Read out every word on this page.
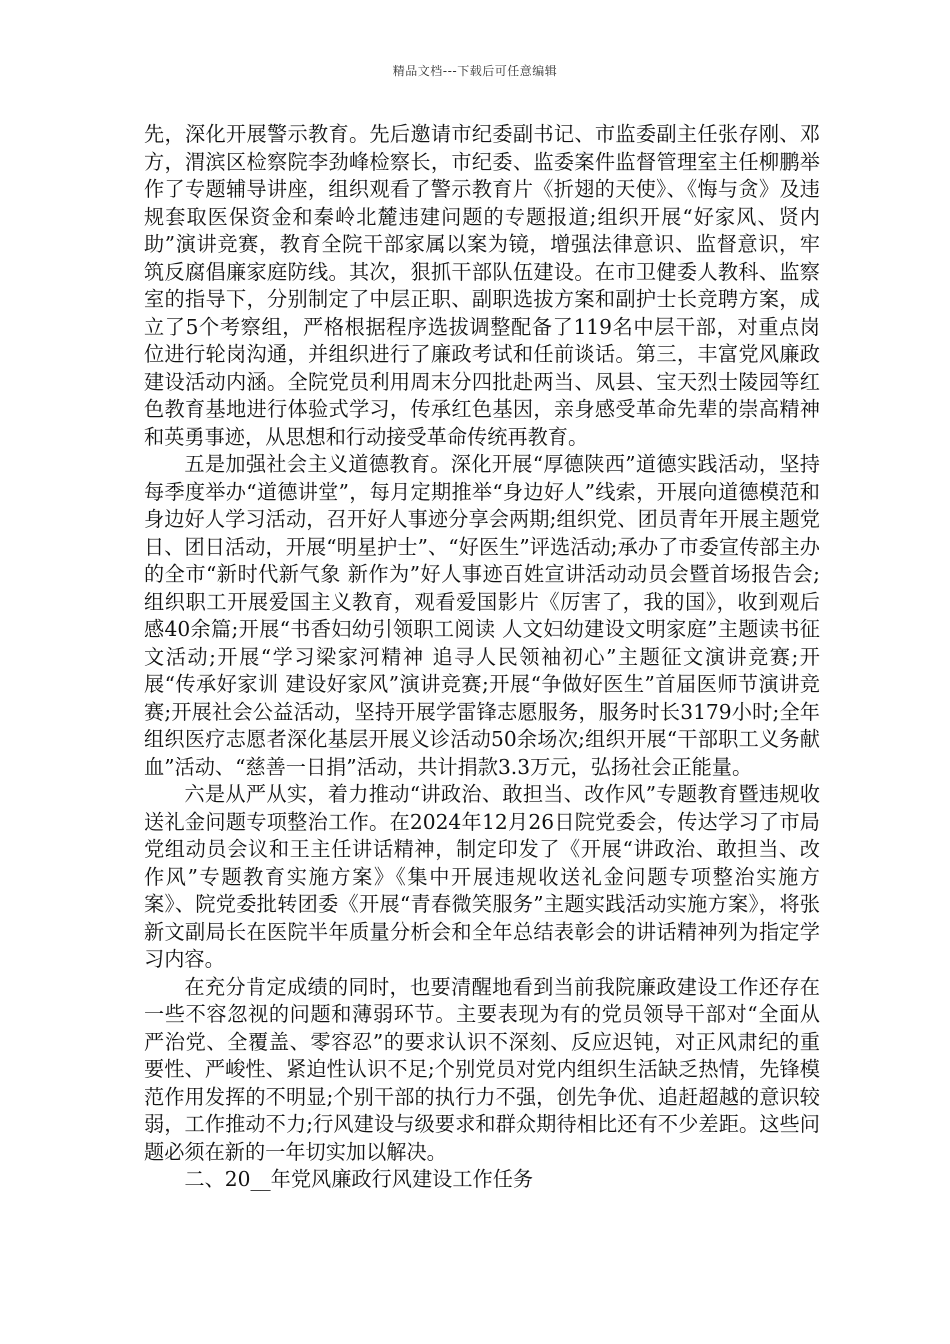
精品文档---下载后可任意编辑

先，深化开展警示教育。先后邀请市纪委副书记、市监委副主任张存刚、邓方，渭滨区检察院李劲峰检察长，市纪委、监委案件监督管理室主任柳鹏举作了专题辅导讲座，组织观看了警示教育片《折翅的天使》、《悔与贪》及违规套取医保资金和秦岭北麓违建问题的专题报道;组织开展“好家风、贤内助”演讲竞赛，教育全院干部家属以案为镜，增强法律意识、监督意识，牢筑反腐倡廉家庭防线。其次，狠抓干部队伍建设。在市卫健委人教科、监察室的指导下，分别制定了中层正职、副职选拔方案和副护士长竞聘方案，成立了5个考察组，严格根据程序选拔调整配备了119名中层干部，对重点岗位进行轮岗沟通，并组织进行了廉政考试和任前谈话。第三，丰富党风廉政建设活动内涵。全院党员利用周末分四批赴两当、凤县、宝天烈士陵园等红色教育基地进行体验式学习，传承红色基因，亲身感受革命先辈的崇高精神和英勇事迹，从思想和行动接受革命传统再教育。

五是加强社会主义道德教育。深化开展“厚德陕西”道德实践活动，坚持每季度举办“道德讲堂”，每月定期推举“身边好人”线索，开展向道德模范和身边好人学习活动，召开好人事迹分享会两期;组织党、团员青年开展主题党日、团日活动，开展“明星护士”、“好医生”评选活动;承办了市委宣传部主办的全市“新时代新气象 新作为”好人事迹百姓宣讲活动动员会暨首场报告会;组织职工开展爱国主义教育，观看爱国影片《厉害了，我的国》，收到观后感40余篇;开展“书香妇幼引领职工阅读 人文妇幼建设文明家庭”主题读书征文活动;开展“学习梁家河精神 追寻人民领袖初心”主题征文演讲竞赛;开展“传承好家训 建设好家风”演讲竞赛;开展“争做好医生”首届医师节演讲竞赛;开展社会公益活动，坚持开展学雷锋志愿服务，服务时长3179小时;全年组织医疗志愿者深化基层开展义诊活动50余场次;组织开展“干部职工义务献血”活动、“慈善一日捐”活动，共计捐款3.3万元，弘扬社会正能量。

六是从严从实，着力推动“讲政治、敢担当、改作风”专题教育暨违规收送礼金问题专项整治工作。在2024年12月26日院党委会，传达学习了市局党组动员会议和王主任讲话精神，制定印发了《开展“讲政治、敢担当、改作风”专题教育实施方案》《集中开展违规收送礼金问题专项整治实施方案》、院党委批转团委《开展“青春微笑服务”主题实践活动实施方案》，将张新文副局长在医院半年质量分析会和全年总结表彰会的讲话精神列为指定学习内容。

在充分肯定成绩的同时，也要清醒地看到当前我院廉政建设工作还存在一些不容忽视的问题和薄弱环节。主要表现为有的党员领导干部对“全面从严治党、全覆盖、零容忍”的要求认识不深刻、反应迟钝，对正风肃纪的重要性、严峻性、紧迫性认识不足;个别党员对党内组织生活缺乏热情，先锋模范作用发挥的不明显;个别干部的执行力不强，创先争优、追赶超越的意识较弱，工作推动不力;行风建设与级要求和群众期待相比还有不少差距。这些问题必须在新的一年切实加以解决。

二、20__年党风廉政行风建设工作任务
